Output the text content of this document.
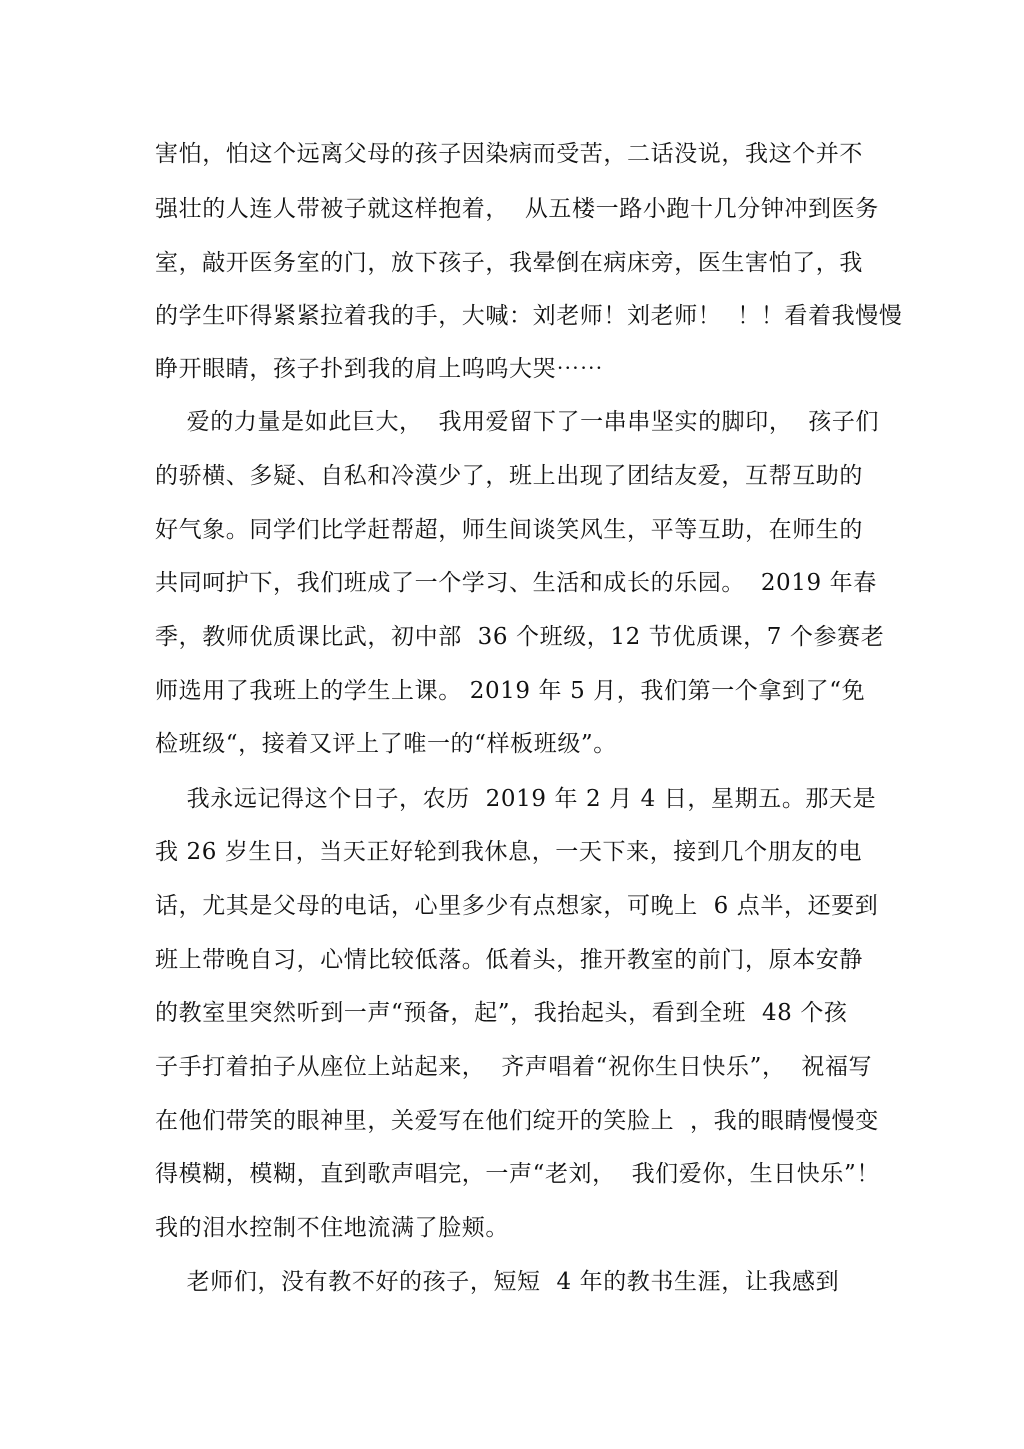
害怕，怕这个远离父母的孩子因染病而受苦，二话没说，我这个并不
强壮的人连人带被子就这样抱着，  从五楼一路小跑十几分钟冲到医务
室，敲开医务室的门，放下孩子，我晕倒在病床旁，医生害怕了，我
的学生吓得紧紧拉着我的手，大喊：刘老师！刘老师！  ！！看着我慢慢
睁开眼睛，孩子扑到我的肩上呜呜大哭⋯⋯
爱的力量是如此巨大，  我用爱留下了一串串坚实的脚印，  孩子们
的骄横、多疑、自私和冷漠少了，班上出现了团结友爱，互帮互助的
好气象。同学们比学赶帮超，师生间谈笑风生，平等互助，在师生的
共同呵护下，我们班成了一个学习、生活和成长的乐园。  2019 年春
季，教师优质课比武，初中部  36 个班级，12 节优质课，7 个参赛老
师选用了我班上的学生上课。 2019 年 5 月，我们第一个拿到了“免
检班级“，接着又评上了唯一的“样板班级”。
我永远记得这个日子，农历  2019 年 2 月 4 日，星期五。那天是
我 26 岁生日，当天正好轮到我休息，一天下来，接到几个朋友的电
话，尤其是父母的电话，心里多少有点想家，可晚上  6 点半，还要到
班上带晚自习，心情比较低落。低着头，推开教室的前门，原本安静
的教室里突然听到一声“预备，起”，我抬起头，看到全班  48 个孩
子手打着拍子从座位上站起来，  齐声唱着“祝你生日快乐”，  祝福写
在他们带笑的眼神里，关爱写在他们绽开的笑脸上  ，我的眼睛慢慢变
得模糊，模糊，直到歌声唱完，一声“老刘，  我们爱你，生日快乐”！
我的泪水控制不住地流满了脸颊。
老师们，没有教不好的孩子，短短  4 年的教书生涯，让我感到
